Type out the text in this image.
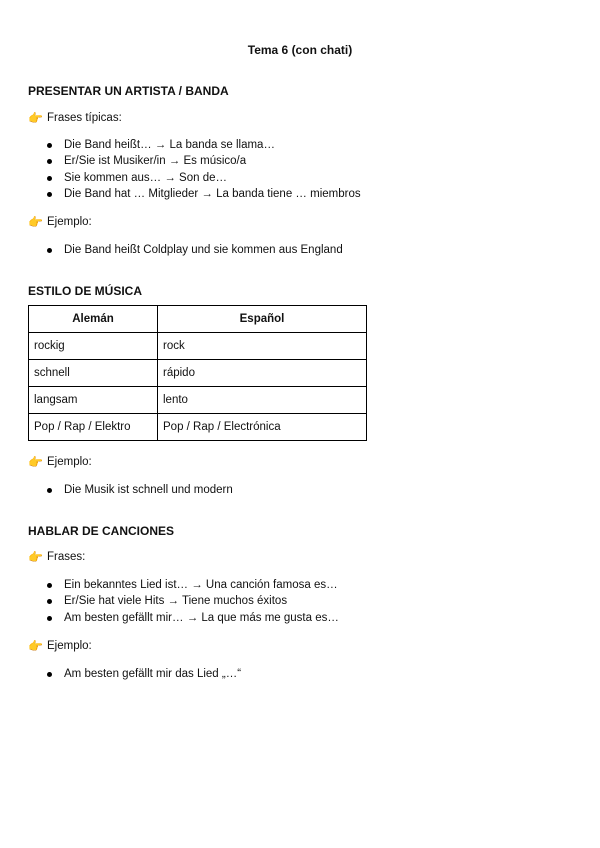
Tema 6 (con chati)
PRESENTAR UN ARTISTA / BANDA
👉 Frases típicas:
Die Band heißt… → La banda se llama…
Er/Sie ist Musiker/in → Es músico/a
Sie kommen aus… → Son de…
Die Band hat … Mitglieder → La banda tiene … miembros
👉 Ejemplo:
Die Band heißt Coldplay und sie kommen aus England
ESTILO DE MÚSICA
Alemán	Español
rockig	rock
schnell	rápido
langsam	lento
Pop / Rap / Elektro	Pop / Rap / Electrónica
👉 Ejemplo:
Die Musik ist schnell und modern
HABLAR DE CANCIONES
👉 Frases:
Ein bekanntes Lied ist… → Una canción famosa es…
Er/Sie hat viele Hits → Tiene muchos éxitos
Am besten gefällt mir… → La que más me gusta es…
👉 Ejemplo:
Am besten gefällt mir das Lied „…“
